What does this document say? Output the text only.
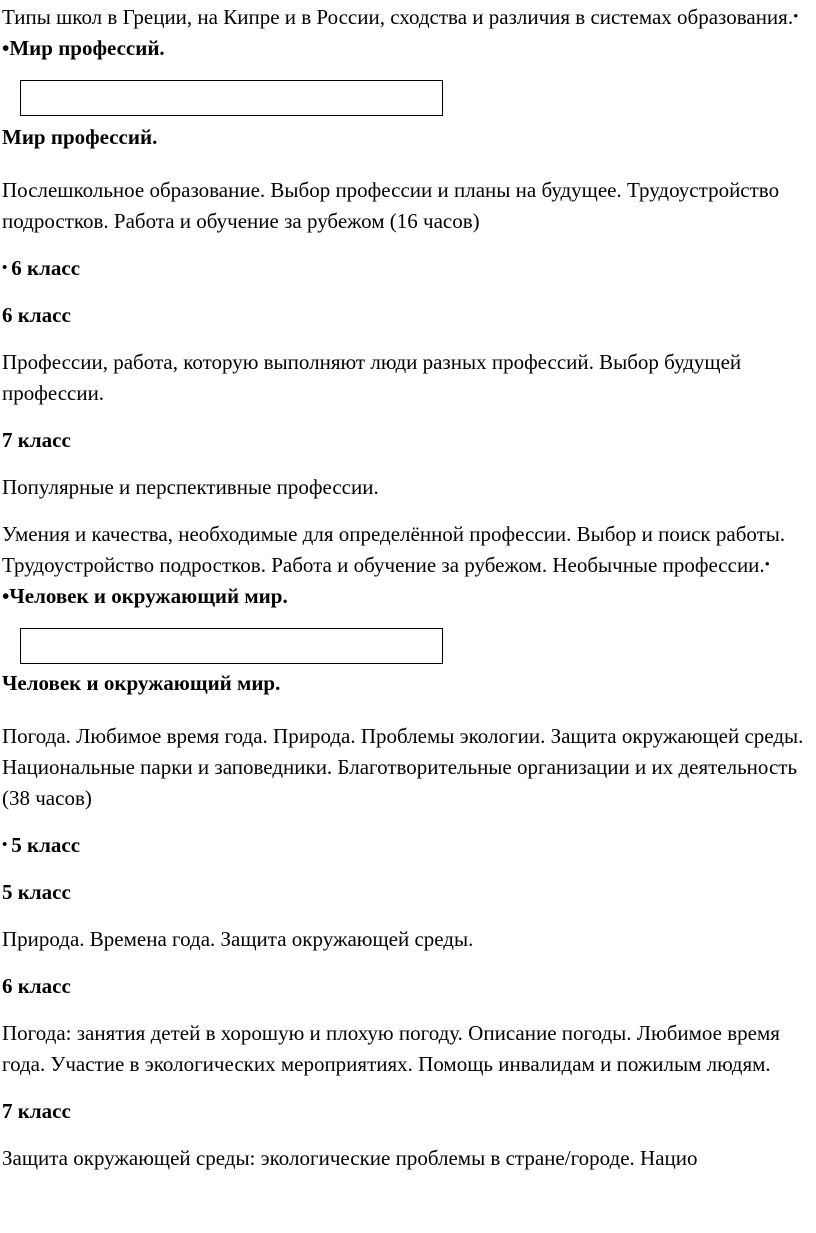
Типы школ в Греции, на Кипре и в России, сходства и различия в системах образования.••Мир профессий.

Мир профессий.

Послешкольное образование. Выбор профессии и планы на будущее. Трудоустройство подростков. Работа и обучение за рубежом (16 часов)

• 6 класс

6 класс

Профессии, работа, которую выполняют люди разных профессий. Выбор будущей профессии.

7 класс

Популярные и перспективные профессии.

Умения и качества, необходимые для определённой профессии. Выбор и поиск работы. Трудоустройство подростков. Работа и обучение за рубежом. Необычные профессии.••Человек и окружающий мир.

Человек и окружающий мир.

Погода. Любимое время года. Природа. Проблемы экологии. Защита окружающей среды. Национальные парки и заповедники. Благотворительные организации и их деятельность (38 часов)

• 5 класс

5 класс

Природа. Времена года. Защита окружающей среды.

6 класс

Погода: занятия детей в хорошую и плохую погоду. Описание погоды. Любимое время года. Участие в экологических мероприятиях. Помощь инвалидам и пожилым людям.

7 класс

Защита окружающей среды: экологические проблемы в стране/городе. Нацио
